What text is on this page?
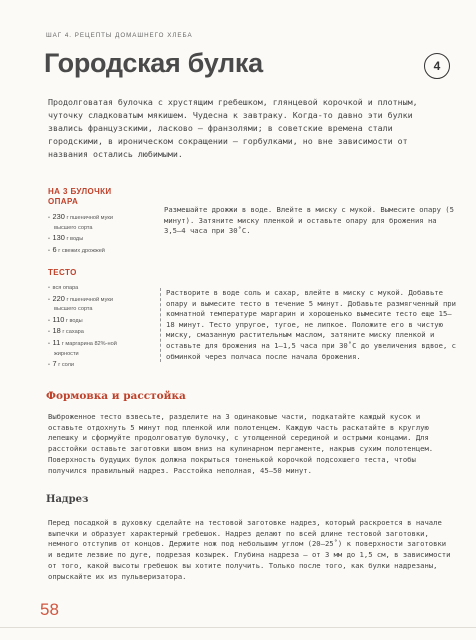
ШАГ 4. РЕЦЕПТЫ ДОМАШНЕГО ХЛЕБА
Городская булка	4

Продолговатая булочка с хрустящим гребешком, глянцевой корочкой и плотным, чуточку сладковатым мякишем. Чудесна к завтраку. Когда-то давно эти булки звались французскими, ласково — франзолями; в советские времена стали городскими, в ироническом сокращении — горбулками, но вне зависимости от названия остались любимыми.

НА 3 БУЛОЧКИ
ОПАРА
• 230 г пшеничной муки
высшего сорта
• 130 г воды
• 6 г свежих дрожжей

Размешайте дрожжи в воде. Влейте в миску с мукой. Вымесите опару (5 минут). Затяните миску пленкой и оставьте опару для брожения на 3,5–4 часа при 30˚С.

ТЕСТО
• вся опара
• 220 г пшеничной муки
высшего сорта
• 110 г воды
• 18 г сахара
• 11 г маргарина 82%-ной
жирности
• 7 г соли

Растворите в воде соль и сахар, влейте в миску с мукой. Добавьте опару и вымесите тесто в течение 5 минут. Добавьте размягченный при комнатной температуре маргарин и хорошенько вымесите тесто еще 15–18 минут. Тесто упругое, тугое, не липкое. Положите его в чистую миску, смазанную растительным маслом, затяните миску пленкой и оставьте для брожения на 1–1,5 часа при 30˚С до увеличения вдвое, с обминкой через полчаса после начала брожения.

Формовка и расстойка

Выброженное тесто взвесьте, разделите на 3 одинаковые части, подкатайте каждый кусок и оставьте отдохнуть 5 минут под пленкой или полотенцем. Каждую часть раскатайте в круглую лепешку и сформуйте продолговатую булочку, с утолщенной серединой и острыми концами. Для расстойки оставьте заготовки швом вниз на кулинарном пергаменте, накрыв сухим полотенцем. Поверхность будущих булок должна покрыться тоненькой корочкой подсохшего теста, чтобы получился правильный надрез. Расстойка неполная, 45–50 минут.

Надрез

Перед посадкой в духовку сделайте на тестовой заготовке надрез, который раскроется в начале выпечки и образует характерный гребешок. Надрез делают по всей длине тестовой заготовки, немного отступив от концов. Держите нож под небольшим углом (20–25˚) к поверхности заготовки и ведите лезвие по дуге, подрезая козырек. Глубина надреза — от 3 мм до 1,5 см, в зависимости от того, какой высоты гребешок вы хотите получить. Только после того, как булки надрезаны, опрыскайте их из пульверизатора.

58
